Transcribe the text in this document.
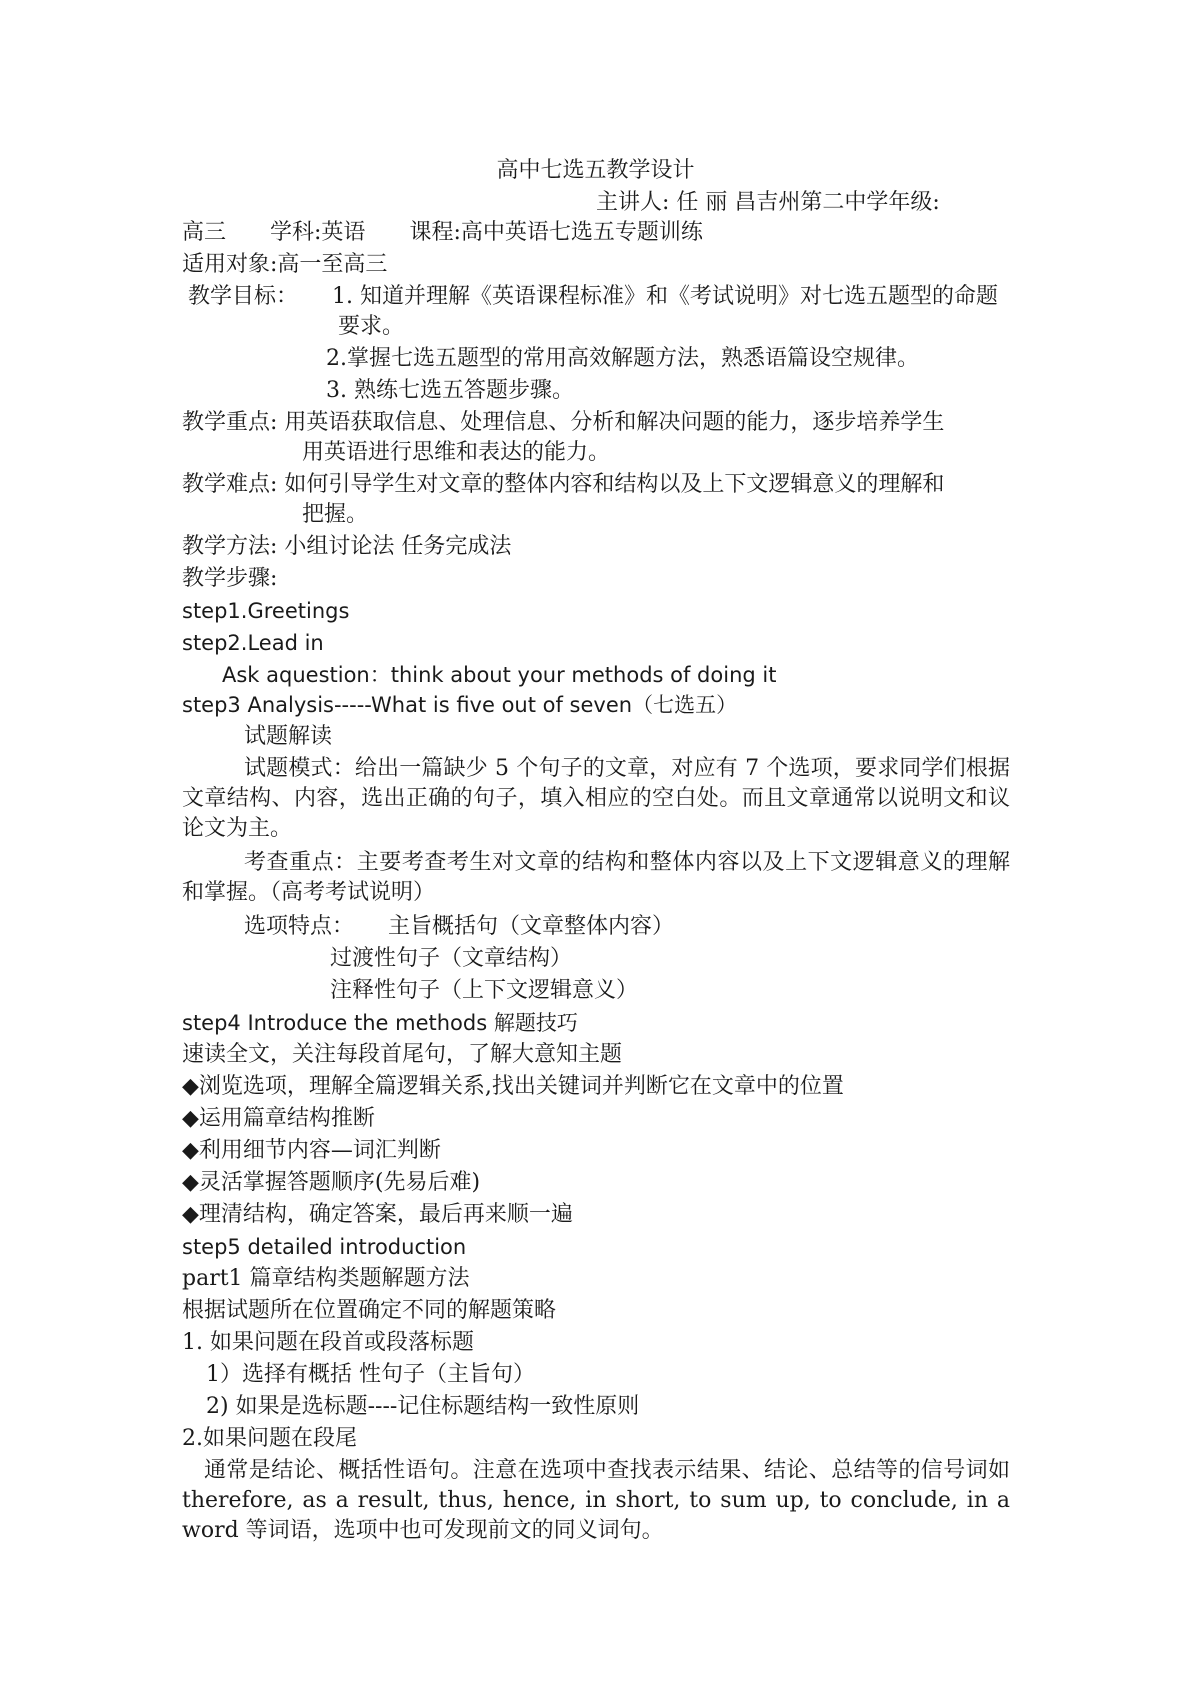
高中七选五教学设计

主讲人: 任 丽 昌吉州第二中学年级:

高三 学科:英语 课程:高中英语七选五专题训练

适用对象:高一至高三

教学目标： 1. 知道并理解《英语课程标准》和《考试说明》对七选五题型的命题

要求。

2.掌握七选五题型的常用高效解题方法，熟悉语篇设空规律。

3. 熟练七选五答题步骤。

教学重点: 用英语获取信息、处理信息、分析和解决问题的能力，逐步培养学生

用英语进行思维和表达的能力。

教学难点: 如何引导学生对文章的整体内容和结构以及上下文逻辑意义的理解和

把握。

教学方法: 小组讨论法 任务完成法

教学步骤:

step1.Greetings

step2.Lead in

Ask aquestion：think about your methods of doing it

step3 Analysis-----What is five out of seven（七选五）

试题解读

试题模式：给出一篇缺少 5 个句子的文章，对应有 7 个选项，要求同学们根据文章结构、内容，选出正确的句子，填入相应的空白处。而且文章通常以说明文和议论文为主。

考查重点：主要考查考生对文章的结构和整体内容以及上下文逻辑意义的理解和掌握。（高考考试说明）

选项特点： 主旨概括句（文章整体内容）

过渡性句子（文章结构）

注释性句子（上下文逻辑意义）

step4 Introduce the methods 解题技巧

速读全文，关注每段首尾句，了解大意知主题

◆浏览选项，理解全篇逻辑关系,找出关键词并判断它在文章中的位置

◆运用篇章结构推断

◆利用细节内容—词汇判断

◆灵活掌握答题顺序(先易后难)

◆理清结构，确定答案，最后再来顺一遍

step5 detailed introduction

part1 篇章结构类题解题方法

根据试题所在位置确定不同的解题策略

1. 如果问题在段首或段落标题

1）选择有概括 性句子（主旨句）

2) 如果是选标题----记住标题结构一致性原则

2.如果问题在段尾

通常是结论、概括性语句。注意在选项中查找表示结果、结论、总结等的信号词如 therefore, as a result, thus, hence, in short, to sum up, to conclude, in a word 等词语，选项中也可发现前文的同义词句。
